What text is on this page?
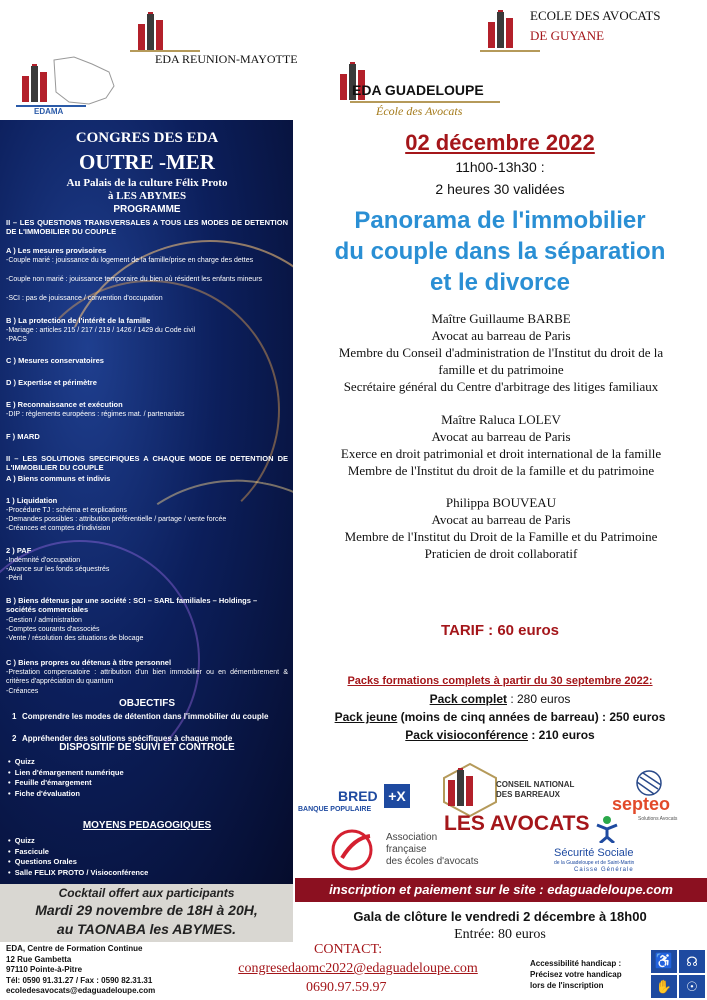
EDA REUNION-MAYOTTE
ECOLE DES AVOCATS
DE GUYANE
EDAMA
EDA GUADELOUPE
École des Avocats
CONGRES DES EDA
OUTRE -MER
Au Palais de la culture Félix Proto
à LES ABYMES
PROGRAMME
II – LES QUESTIONS TRANSVERSALES A TOUS LES MODES DE DETENTION DE L'IMMOBILIER DU COUPLE
A ) Les mesures provisoires
-Couple marié : jouissance du logement de la famille/prise en charge des dettes
-Couple non marié : jouissance temporaire du bien où résident les enfants mineurs
-SCI : pas de jouissance / convention d'occupation
B ) La protection de l'intérêt de la famille
-Mariage : articles 215 / 217 / 219 / 1426 / 1429 du Code civil
-PACS
C ) Mesures conservatoires
D ) Expertise et périmètre
E ) Reconnaissance et exécution
-DIP : règlements européens : régimes mat. / partenariats
F ) MARD
II – LES SOLUTIONS SPECIFIQUES A CHAQUE MODE DE DETENTION DE L'IMMOBILIER DU COUPLE
A ) Biens communs et indivis
1 ) Liquidation
-Procédure TJ : schéma et explications
-Demandes possibles : attribution préférentielle / partage / vente forcée
-Créances et comptes d'indivision
2 ) PAF
-Indemnité d'occupation
-Avance sur les fonds séquestrés
-Péril
B ) Biens détenus par une société : SCI – SARL familiales – Holdings – sociétés commerciales
-Gestion / administration
-Comptes courants d'associés
-Vente / résolution des situations de blocage
C ) Biens propres ou détenus à titre personnel
-Prestation compensatoire : attribution d'un bien immobilier ou en démembrement & critères d'appréciation du quantum
-Créances
OBJECTIFS
1 Comprendre les modes de détention dans l'immobilier du couple
2 Appréhender des solutions spécifiques à chaque mode
DISPOSITIF DE SUIVI ET CONTROLE
•  Quizz
•  Lien d'émargement numérique
•  Feuille d'émargement
•  Fiche d'évaluation
MOYENS PEDAGOGIQUES
•  Quizz
•  Fascicule
•  Questions Orales
•  Salle FELIX PROTO / Visioconférence
Cocktail offert aux participants
Mardi 29 novembre de 18H à 20H,
au TAONABA les ABYMES.
EDA, Centre de Formation Continue
12 Rue Gambetta
97110 Pointe-à-Pitre
Tél: 0590 91.31.27 / Fax : 0590 82.31.31
ecoledesavocats@edaguadeloupe.com
02 décembre 2022
11h00-13h30 :
2 heures 30 validées
Panorama de l'immobilier
du couple dans la séparation
et le divorce
Maître Guillaume BARBE
Avocat au barreau de Paris
Membre du Conseil d'administration de l'Institut du droit de la
famille et du patrimoine
Secrétaire général du Centre d'arbitrage des litiges familiaux
Maître Raluca LOLEV
Avocat au barreau de Paris
Exerce en droit patrimonial et droit international de la famille
Membre de l'Institut du droit de la famille et du patrimoine
Philippa BOUVEAU
Avocat au barreau de Paris
Membre de l'Institut du Droit de la Famille et du Patrimoine
Praticien de droit collaboratif
TARIF : 60 euros
Packs formations complets à partir du 30 septembre 2022:
Pack complet : 280 euros
Pack jeune (moins de cinq années de barreau) : 250 euros
Pack visioconférence : 210 euros
BRED +X
BANQUE POPULAIRE
CONSEIL NATIONAL
DES BARREAUX
LES AVOCATS
septeo
Solutions Avocats
Association
française
des écoles d'avocats
Sécurité Sociale
de la Guadeloupe et de Saint-Martin
Caisse Générale
inscription et paiement sur le site : edaguadeloupe.com
Gala de clôture le vendredi 2 décembre à 18h00
Entrée: 80 euros
CONTACT:
congresedaomc2022@edaguadeloupe.com
0690.97.59.97
Accessibilité handicap :
Précisez votre handicap
lors de l'inscription
♿ ☊
✋	☉
